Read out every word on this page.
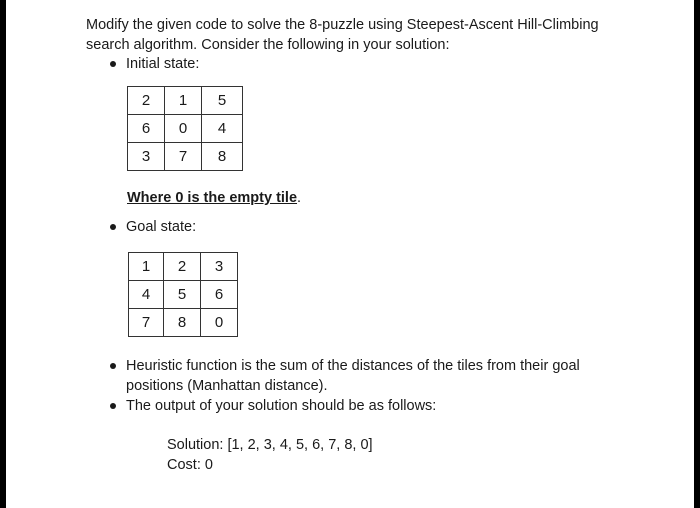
Modify the given code to solve the 8-puzzle using Steepest-Ascent Hill-Climbing
search algorithm. Consider the following in your solution:
Initial state:
2	1	5
6	0	4
3	7	8
Where 0 is the empty tile.
Goal state:
1	2	3
4	5	6
7	8	0
Heuristic function is the sum of the distances of the tiles from their goal
positions (Manhattan distance).
The output of your solution should be as follows:
Solution: [1, 2, 3, 4, 5, 6, 7, 8, 0]
Cost: 0
